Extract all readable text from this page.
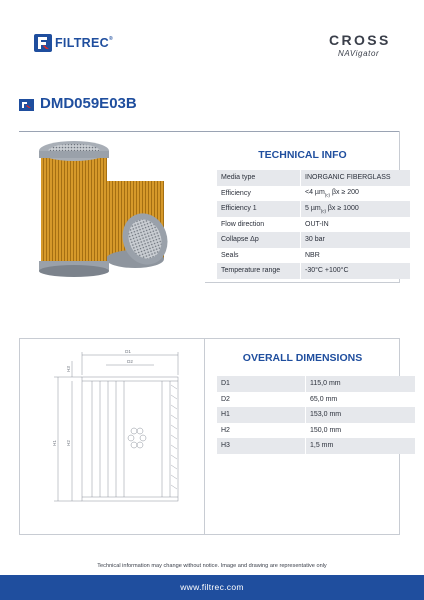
FILTREC®	CROSS
NAVigator
DMD059E03B
TECHNICAL INFO
Media type	INORGANIC FIBERGLASS
Efficiency	<4 µm$_{(c)}$ βx ≥ 200
Efficiency 1	5 µm$_{(c)}$ βx ≥ 1000
Flow direction	OUT-IN
Collapse Δp	30 bar
Seals	NBR
Temperature range	-30°C +100°C
D1
D2
H1 H2
H3
OVERALL DIMENSIONS
D1	115,0 mm
D2	65,0 mm
H1	153,0 mm
H2	150,0 mm
H3	1,5 mm
Technical information may change without notice. Image and drawing are representative only
www.filtrec.com
